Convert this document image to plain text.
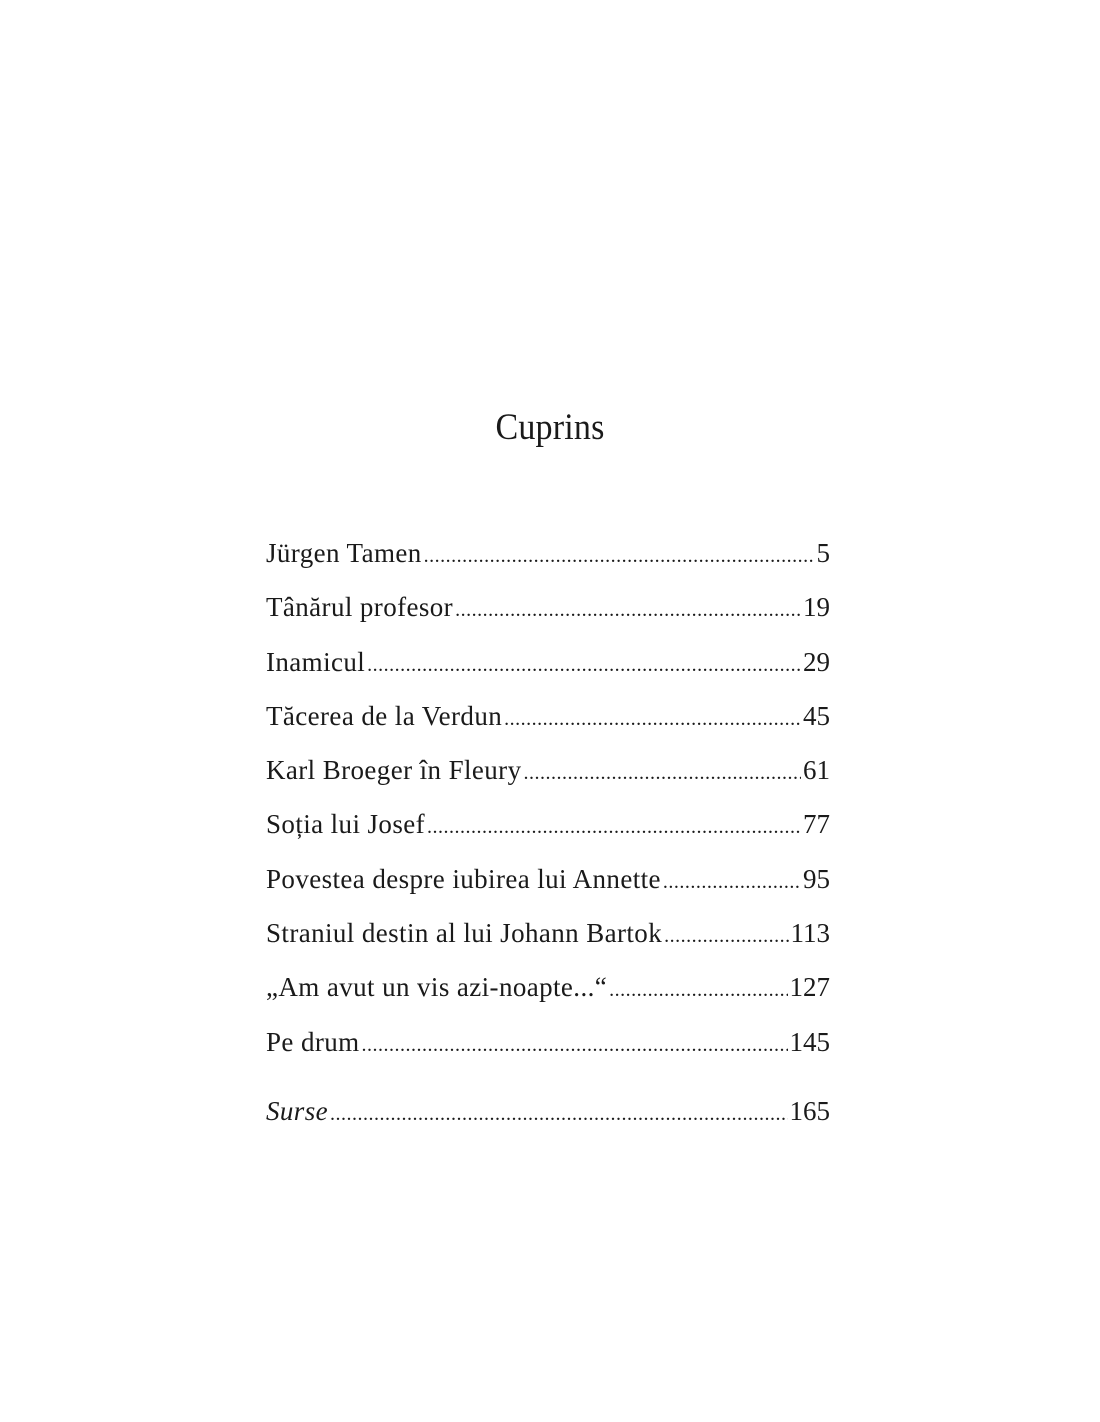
Cuprins
Jürgen Tamen .....	5
Tânărul profesor .....	19
Inamicul .....	29
Tăcerea de la Verdun .....	45
Karl Broeger în Fleury .....	61
Soția lui Josef .....	77
Povestea despre iubirea lui Annette .....	95
Straniul destin al lui Johann Bartok .....	113
„Am avut un vis azi-noapte...“ .....	127
Pe drum .....	145
Surse .....	165
